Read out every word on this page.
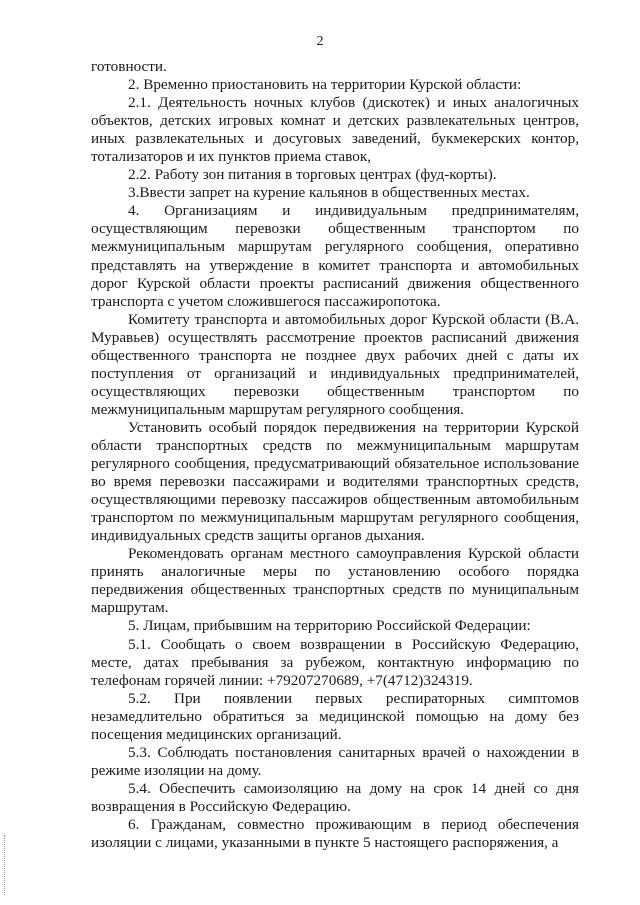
2

готовности.

2. Временно приостановить на территории Курской области:

2.1. Деятельность ночных клубов (дискотек) и иных аналогичных объектов, детских игровых комнат и детских развлекательных центров, иных развлекательных и досуговых заведений, букмекерских контор, тотализаторов и их пунктов приема ставок,

2.2. Работу зон питания в торговых центрах (фуд-корты).

3.Ввести запрет на курение кальянов в общественных местах.

4. Организациям и индивидуальным предпринимателям, осуществляющим перевозки общественным транспортом по межмуниципальным маршрутам регулярного сообщения, оперативно представлять на утверждение в комитет транспорта и автомобильных дорог Курской области проекты расписаний движения общественного транспорта с учетом сложившегося пассажиропотока.

Комитету транспорта и автомобильных дорог Курской области (В.А. Муравьев) осуществлять рассмотрение проектов расписаний движения общественного транспорта не позднее двух рабочих дней с даты их поступления от организаций и индивидуальных предпринимателей, осуществляющих перевозки общественным транспортом по межмуниципальным маршрутам регулярного сообщения.

Установить особый порядок передвижения на территории Курской области транспортных средств по межмуниципальным маршрутам регулярного сообщения, предусматривающий обязательное использование во время перевозки пассажирами и водителями транспортных средств, осуществляющими перевозку пассажиров общественным автомобильным транспортом по межмуниципальным маршрутам регулярного сообщения, индивидуальных средств защиты органов дыхания.

Рекомендовать органам местного самоуправления Курской области принять аналогичные меры по установлению особого порядка передвижения общественных транспортных средств по муниципальным маршрутам.

5. Лицам, прибывшим на территорию Российской Федерации:

5.1. Сообщать о своем возвращении в Российскую Федерацию, месте, датах пребывания за рубежом, контактную информацию по телефонам горячей линии: +79207270689, +7(4712)324319.

5.2. При появлении первых респираторных симптомов незамедлительно обратиться за медицинской помощью на дому без посещения медицинских организаций.

5.3. Соблюдать постановления санитарных врачей о нахождении в режиме изоляции на дому.

5.4. Обеспечить самоизоляцию на дому на срок 14 дней со дня возвращения в Российскую Федерацию.

6. Гражданам, совместно проживающим в период обеспечения изоляции с лицами, указанными в пункте 5 настоящего распоряжения, а
